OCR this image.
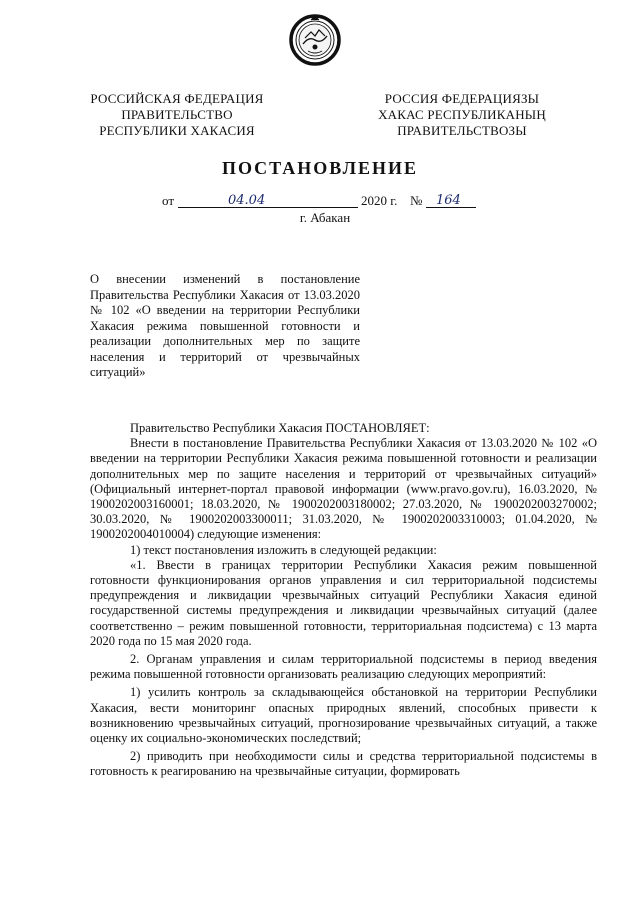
РОССИЙСКАЯ ФЕДЕРАЦИЯ
ПРАВИТЕЛЬСТВО
РЕСПУБЛИКИ ХАКАСИЯ
РОССИЯ ФЕДЕРАЦИЯЗЫ
ХАКАС РЕСПУБЛИКАНЫҢ
ПРАВИТЕЛЬСТВОЗЫ
ПОСТАНОВЛЕНИЕ
от	04.04	2020 г. № 164
г. Абакан
О внесении изменений в постановление Правительства Республики Хакасия от 13.03.2020 № 102 «О введении на территории Республики Хакасия режима повышенной готовности и реализации дополнительных мер по защите населения и территорий от чрезвычайных ситуаций»

Правительство Республики Хакасия ПОСТАНОВЛЯЕТ:

Внести в постановление Правительства Республики Хакасия от 13.03.2020 № 102 «О введении на территории Республики Хакасия режима повышенной готовности и реализации дополнительных мер по защите населения и территорий от чрезвычайных ситуаций» (Официальный интернет-портал правовой информации (www.pravo.gov.ru), 16.03.2020, № 1900202003160001; 18.03.2020, № 1900202003180002; 27.03.2020, № 1900202003270002; 30.03.2020, № 1900202003300011; 31.03.2020, № 1900202003310003; 01.04.2020, № 1900202004010004) следующие изменения:

1) текст постановления изложить в следующей редакции:

«1. Ввести в границах территории Республики Хакасия режим повышенной готовности функционирования органов управления и сил территориальной подсистемы предупреждения и ликвидации чрезвычайных ситуаций Республики Хакасия единой государственной системы предупреждения и ликвидации чрезвычайных ситуаций (далее соответственно – режим повышенной готовности, территориальная подсистема) с 13 марта 2020 года по 15 мая 2020 года.

2. Органам управления и силам территориальной подсистемы в период введения режима повышенной готовности организовать реализацию следующих мероприятий:

1) усилить контроль за складывающейся обстановкой на территории Республики Хакасия, вести мониторинг опасных природных явлений, способных привести к возникновению чрезвычайных ситуаций, прогнозирование чрезвычайных ситуаций, а также оценку их социально-экономических последствий;

2) приводить при необходимости силы и средства территориальной подсистемы в готовность к реагированию на чрезвычайные ситуации, формировать
